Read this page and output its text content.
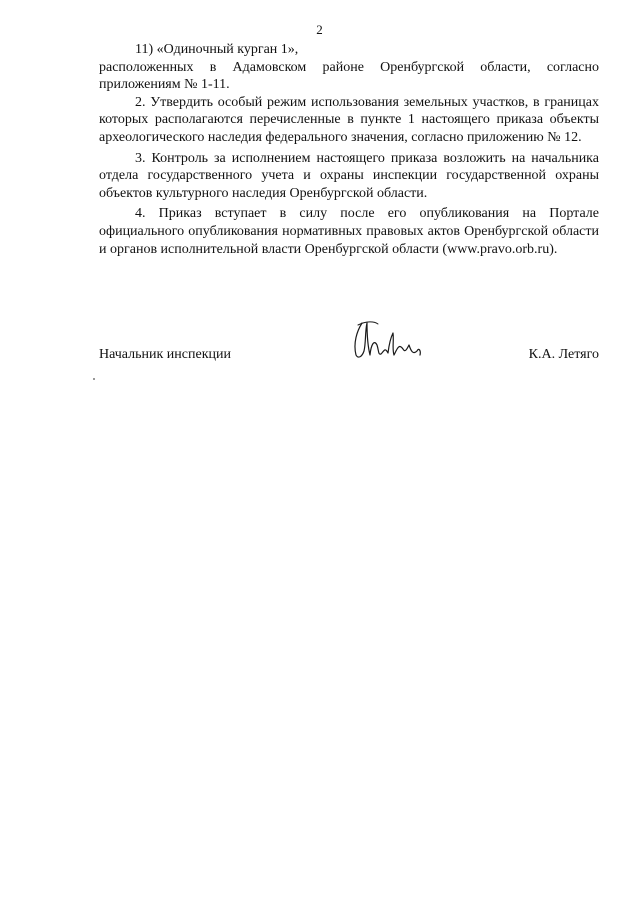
2

11) «Одиночный курган 1»,

расположенных в Адамовском районе Оренбургской области, согласно приложениям № 1-11.

2. Утвердить особый режим использования земельных участков, в границах которых располагаются перечисленные в пункте 1 настоящего приказа объекты археологического наследия федерального значения, согласно приложению № 12.

3. Контроль за исполнением настоящего приказа возложить на начальника отдела государственного учета и охраны инспекции государственной охраны объектов культурного наследия Оренбургской области.

4. Приказ вступает в силу после его опубликования на Портале официального опубликования нормативных правовых актов Оренбургской области и органов исполнительной власти Оренбургской области (www.pravo.orb.ru).

Начальник инспекции	К.А. Летяго
